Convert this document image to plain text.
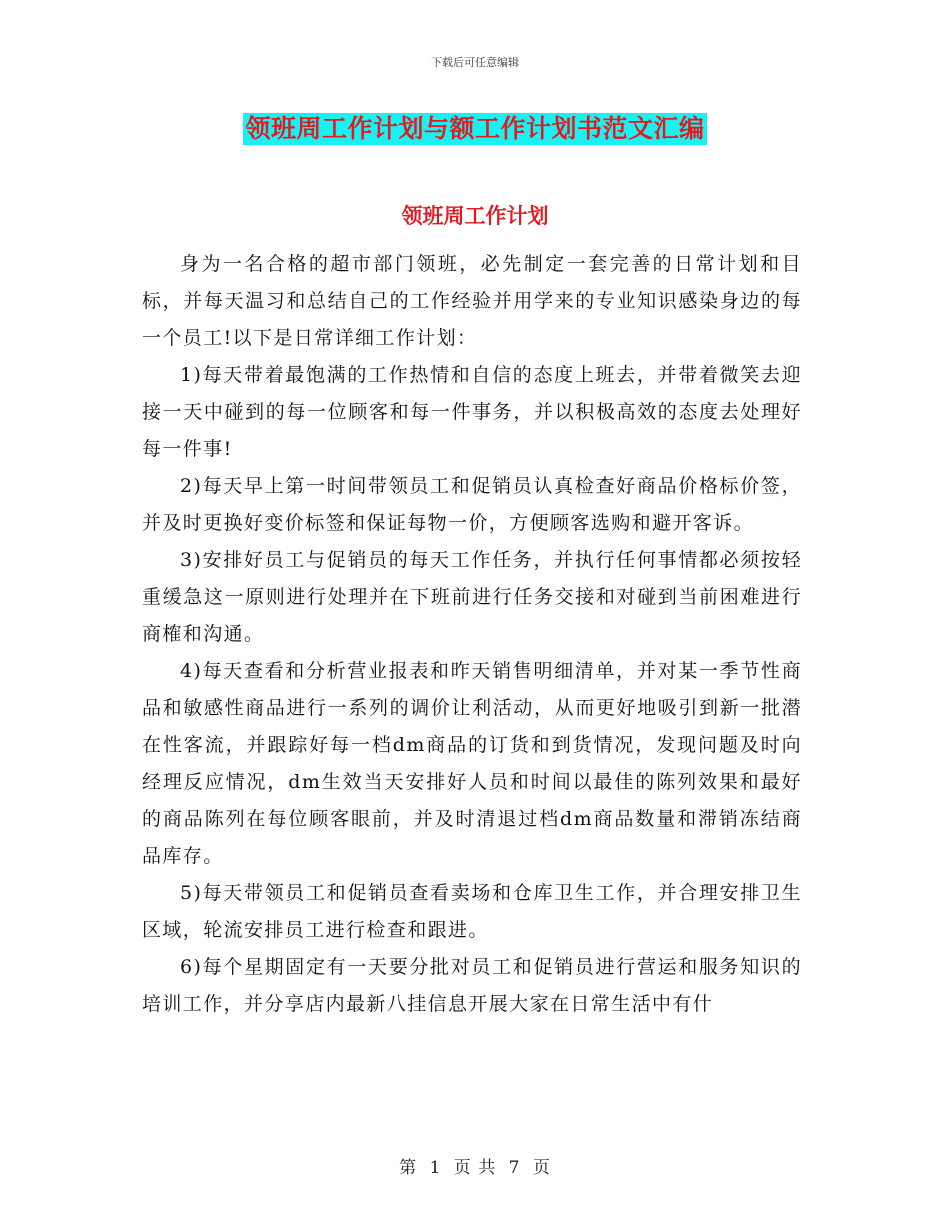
下载后可任意编辑
领班周工作计划与额工作计划书范文汇编
领班周工作计划

身为一名合格的超市部门领班，必先制定一套完善的日常计划和目标，并每天温习和总结自己的工作经验并用学来的专业知识感染身边的每一个员工!以下是日常详细工作计划：

1)每天带着最饱满的工作热情和自信的态度上班去，并带着微笑去迎接一天中碰到的每一位顾客和每一件事务，并以积极高效的态度去处理好每一件事!

2)每天早上第一时间带领员工和促销员认真检查好商品价格标价签，并及时更换好变价标签和保证每物一价，方便顾客选购和避开客诉。

3)安排好员工与促销员的每天工作任务，并执行任何事情都必须按轻重缓急这一原则进行处理并在下班前进行任务交接和对碰到当前困难进行商榷和沟通。

4)每天查看和分析营业报表和昨天销售明细清单，并对某一季节性商品和敏感性商品进行一系列的调价让利活动，从而更好地吸引到新一批潜在性客流，并跟踪好每一档dm商品的订货和到货情况，发现问题及时向经理反应情况，dm生效当天安排好人员和时间以最佳的陈列效果和最好的商品陈列在每位顾客眼前，并及时清退过档dm商品数量和滞销冻结商品库存。

5)每天带领员工和促销员查看卖场和仓库卫生工作，并合理安排卫生区域，轮流安排员工进行检查和跟进。

6)每个星期固定有一天要分批对员工和促销员进行营运和服务知识的培训工作，并分享店内最新八挂信息开展大家在日常生活中有什

第 1 页 共 7 页
